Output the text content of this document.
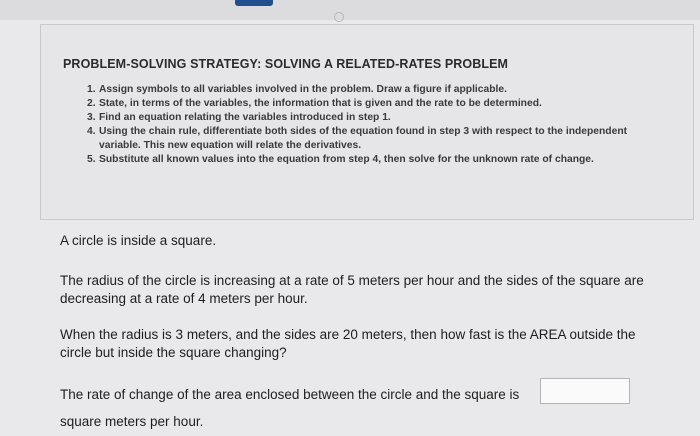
PROBLEM-SOLVING STRATEGY: SOLVING A RELATED-RATES PROBLEM
1. Assign symbols to all variables involved in the problem. Draw a figure if applicable.
2. State, in terms of the variables, the information that is given and the rate to be determined.
3. Find an equation relating the variables introduced in step 1.
4. Using the chain rule, differentiate both sides of the equation found in step 3 with respect to the independent variable. This new equation will relate the derivatives.
5. Substitute all known values into the equation from step 4, then solve for the unknown rate of change.
A circle is inside a square.
The radius of the circle is increasing at a rate of 5 meters per hour and the sides of the square are decreasing at a rate of 4 meters per hour.
When the radius is 3 meters, and the sides are 20 meters, then how fast is the AREA outside the circle but inside the square changing?
The rate of change of the area enclosed between the circle and the square is
square meters per hour.
